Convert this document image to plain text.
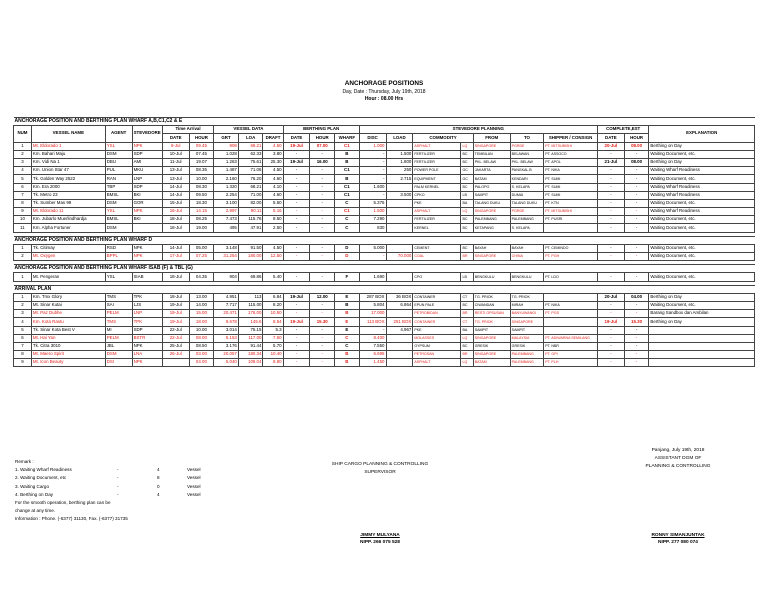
ANCHORAGE POSITIONS
Day, Date : Thursday, July 19th, 2018
Hour : 08.00 Hrs
ANCHORAGE POSITION AND BERTHING PLAN WHARF A,B,C1,C2 & E																					
NUM	VESSEL NAME	AGENT	STEVEDORE	Time Arrival		VESSEL DATA			BERTHING PLAN			STEVEDORE PLANNING							COMPLETE,EST		EXPLANATION
				DATE	HOUR	GRT	LOA	DRAFT	DATE	HOUR	WHARF	DISC	LOAD	COMMODITY		FROM	TO	SHIPPER / CONSIGN	DATE	HOUR	
1	Mt. Eldorado 1	YSL	NPK	8-Jul	09.45	908	69.21	4.50	19-Jul	07.00	C1	1.000		ASPHALT	LQ	SINGAPORE	PGRDE	PT. MITSUBISHI	20-Jul	08.00	Berthing on Day
2	Km. Bahari Maju	DSM	SDP	10-Jul	07.45	1.028	62.33	3.80	-	-	B	-	1.500	FERTILIZER	BC	TEMBILAN	BELAWAN	PT. ASSOCO	-	-	Waiting Document, etc.
3	Km. Vidi Na 1	DBU	AMI	11-Jul	19.07	1.263	75.61	25.30	19-Jul	16.00	B	-	1.800	FERTILIZER	BC	PKL. BELAW	PKL. BELAW	PT. APOL	21-Jul	08.00	Berthing on Day
4	Km. Union Star 47	PUL	MKU	13-Jul	08.35	1.487	71.06	4.50	-	-	C1	-	250	POWER POLE	GC	JAKARTA	PANGKAL B	PT. NIKA	-	-	Waiting Wharf Readiness
5	Tk. Golden Way 2522	RAN	LNP	13-Jul	10.00	2.160	76.20	4.60	-	-	B	-	2.715	EQUIPMENT	GC	BATAM	KENDARI	PT. SUMI	-	-	Waiting Document, etc.
6	Km. Era 2000	TBP	SDP	14-Jul	08.30	1.320	68.21	4.10	-	-	C1	1.600		PALM KERNEL	BC	PALOPO	S. KELAPA	PT. SUMI	-	-	Waiting Wharf Readiness
7	Tk. Metro 23	BMSL	BKI	14-Jul	09.50	2.254	71.00	4.60	-	-	C1	-	3.500	CPKO	LB	SAMPIT	DUMAI	PT. SUMI	-	-	Waiting Wharf Readiness
8	Tk. Sumber Mas 99	DSM	GOR	15-Jul	18.30	3.100	82.00	5.50	-	-	C	5.375		PKE	BA	TALANG DUKU	TALANG DUKU	PT. KTN	-	-	Waiting Document, etc.
9	Mt. Eldorado 11	YSL	NPK	16-Jul	14.15	2.997	90.11	5.16	-	-	C1	1.500		ASPHALT	LQ	SINGAPORE	PGRDE	PT. MITSUBISHI	-	-	Waiting Wharf Readiness
10	Km. Jubarlo Muerlindhardja	BMSL	BKI	18-Jul	08.25	7.473	115.76	8.50	-	-	C	7.290		FERTILIZER	BC	PALEMBANG	PALEMBANG	PT. PUSRI	-	-	Waiting Document, etc.
11	Km. Alpha Fortuner	DSM		18-Jul	19.00	495	47.91	2.50	-	-	C	830		KERNEL	BC	KETAPANG	S. KELAPA		-	-	Waiting Document, etc.

ANCHORAGE POSITION AND BERTHING PLAN WHARF D																					
1	Tk. Citimay	RSD	NPK	14-Jul	05.00	3.148	91.50	4.50	-	-	D	5.000		CEMENT	BC	BAYAH	BAYAH	PT. CEMINDO	-	-	Waiting Document, etc.
2	Mt. Oxygen	BPPL	NPK	17-Jul	07.25	31.254	180.00	12.50	-	-	D	-	70.000	COAL	BR	SINGAPORE	CHINA	PT. PGH	-	-	Waiting Document, etc.

ANCHORAGE POSITION AND BERTHING PLAN WHARF ISAB (F) & TBL (G)																					
1	Mt. Pengeran	YSL	ISAB	18-Jul	04.35	904	69.86	5.40	-	-	F	1.690		CPO	LB	BENGKULU	BENGKULU	PT. LDO	-	-	Waiting Document, etc.

ARRIVAL PLAN																					
1	Km. Tmx Glory	TMS	TPK	18-Jul	13.00	4.951	113	6.84	19-Jul	12.00	E	287 BOX	36 BOX	CONTAINER	CT	TG. PRIOK	TG. PRIOK		20-Jul	04.00	Berthing on Day
2	Mt. Sinar Kutai	SAI	LJS	19-Jul	14.00	7.717	115.00	8.20	-	-	B	5.804	6.864	EPUN PALE	BC	CIWANDAN	MIRAH	PT. NIKA	-	-	Waiting Document, etc.
3	Mt. Paz Dubhe	PELM	LNP	19-Jul	15.00	20.471	176.00	10.50	-	-	B	17.000		PETROBIDAN	BR	RESTI OPSUSAN	BANYUWANGI	PT. PGS	-	-	Barang Sandbox dan Ambilan
4	Km. Kota Rastu	TMS	TPK	19-Jul	18.00	9.678	145.6	8.54	19-Jul	15.30	E	113 BOX	251 BOX	CONTAINER	CT	TG. PRIOK	SINGAPORE		19-Jul	15.30	Berthing on Day
5	Tk. Sinar Kota Best V	MI	SDP	22-Jul	10.00	3.014	75.15	5.3	-	-	E	-	4.967	PKE	BA	SAMPIT	SAMPIT		-	-	
6	Mt. Hai Yan	PELM	BSTR	22-Jul	08.00	5.153	117.00	7.50	-	-	C	8.400		MOLASSES	LQ	SINGAPORE	MALAYSIA	PT. ADIWARNA SEMILANG	-	-	
7	Tk. Citra 3010	JBL	NPK	25-Jul	08.50	3.176	91.44	5.70	-	-	C	7.550		GYPSUM	BC	GRESIK	GRESIK	PT. NBR	-	-	
8	Mt. Maero Spirit	DSM	LNA	26-Jul	03.00	20.057	180.34	10.40	-	-	B	6.695		PETROSAN	BR	SINGAPORE	PALEMBANG	PT. GPI	-	-	
9	Mt. Icon Beauty	DSI	NPK		04.00	5.040	109.04	8.80	-	-	B	1.450		ASPHALT	LQ	BATAM	PALEMBANG	PT. PLH	-	-	
Remark :
1. Waiting Wharf Readiness	-	4	Vessel
2. Waiting Document, etc	-	8	Vessel
3. Waiting Cargo	-	0	Vessel
4. Berthing on Day	-	4	Vessel
For the smooth operation, berthing plan can be
change at any time.
Information : Phone. (-6377) 31130, Fax. (-6377) 31735
SHIP CARGO PLANNING & CONTROLLING
SUPERVISOR
JIMMY MULYANA
NIPP. 266 075 528
Panjang, July 19th, 2018
ASSISTANT DGM OF
PLANNING & CONTROLLING
RONNY SIMANJUNTAK
NIPP. 277 080 074
